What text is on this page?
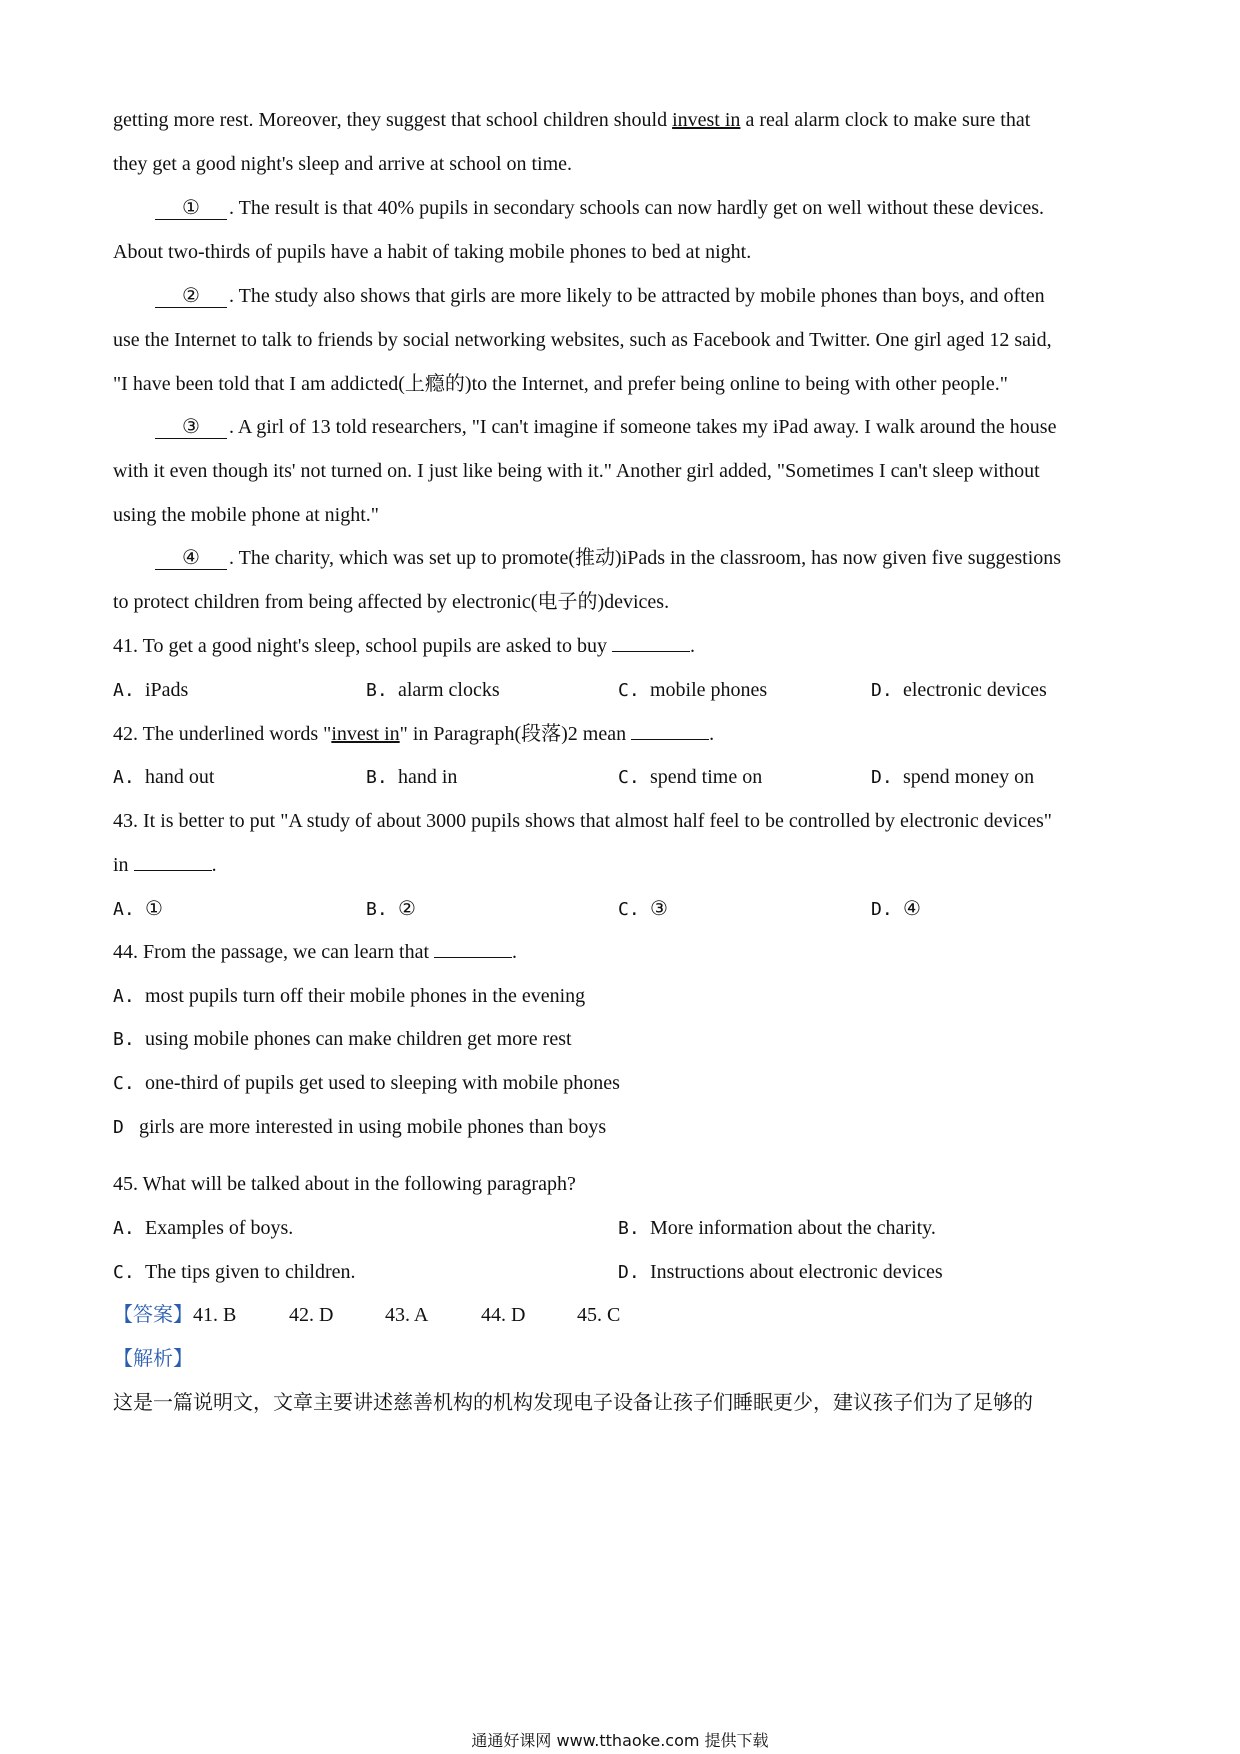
getting more rest. Moreover, they suggest that school children should invest in a real alarm clock to make sure that
they get a good night's sleep and arrive at school on time.
① . The result is that 40% pupils in secondary schools can now hardly get on well without these devices.
About two-thirds of pupils have a habit of taking mobile phones to bed at night.
② . The study also shows that girls are more likely to be attracted by mobile phones than boys, and often
use the Internet to talk to friends by social networking websites, such as Facebook and Twitter. One girl aged 12 said,
"I have been told that I am addicted(上瘾的)to the Internet, and prefer being online to being with other people."
③ . A girl of 13 told researchers, "I can't imagine if someone takes my iPad away. I walk around the house
with it even though its' not turned on. I just like being with it." Another girl added, "Sometimes I can't sleep without
using the mobile phone at night."
④ . The charity, which was set up to promote(推动)iPads in the classroom, has now given five suggestions
to protect children from being affected by electronic(电子的)devices.
41. To get a good night's sleep, school pupils are asked to buy	.
A. iPads	B. alarm clocks	C. mobile phones	D. electronic devices
42. The underlined words "invest in" in Paragraph(段落)2 mean	.
A. hand out	B. hand in	C. spend time on	D. spend money on
43. It is better to put "A study of about 3000 pupils shows that almost half feel to be controlled by electronic devices"
in	.
A. ①	B. ②	C. ③	D. ④
44. From the passage, we can learn that	.
A. most pupils turn off their mobile phones in the evening
B. using mobile phones can make children get more rest
C. one-third of pupils get used to sleeping with mobile phones
D girls are more interested in using mobile phones than boys
45. What will be talked about in the following paragraph?
A. Examples of boys.	B. More information about the charity.
C. The tips given to children.	D. Instructions about electronic devices
【答案】41. B	42. D	43. A	44. D	45. C
【解析】
这是一篇说明文，文章主要讲述慈善机构的机构发现电子设备让孩子们睡眠更少，建议孩子们为了足够的
通通好课网 www.tthaoke.com 提供下载
